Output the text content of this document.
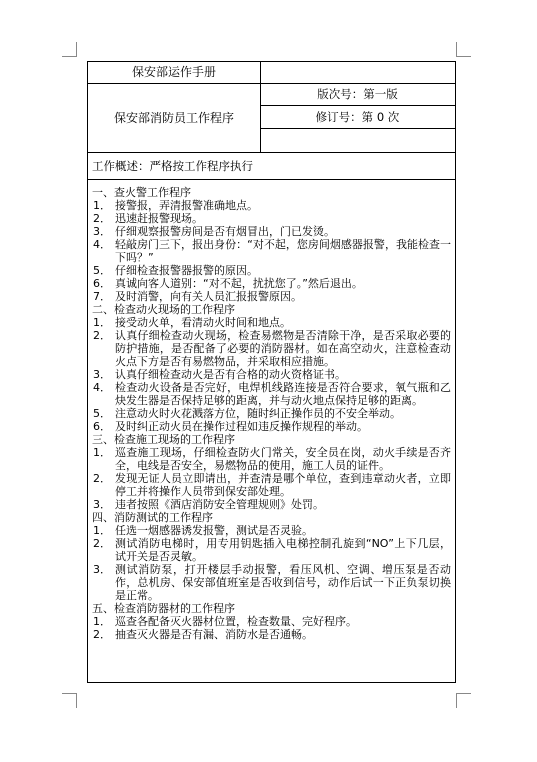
保安部运作手册
保安部消防员工作程序
版次号：第一版
修订号：第 0 次
工作概述：严格按工作程序执行
一、查火警工作程序
1． 接警报，弄清报警准确地点。
2． 迅速赶报警现场。
3． 仔细观察报警房间是否有烟冒出，门已发烫。
4． 轻敲房门三下，报出身份：“对不起，您房间烟感器报警，我能检查一下吗？”
5． 仔细检查报警器报警的原因。
6． 真诚向客人道别：“对不起，扰扰您了。”然后退出。
7． 及时消警，向有关人员汇报报警原因。
二、检查动火现场的工作程序
1． 接受动火单，看清动火时间和地点。
2． 认真仔细检查动火现场，检查易燃物是否清除干净，是否采取必要的防护措施，是否配备了必要的消防器材。如在高空动火，注意检查动火点下方是否有易燃物品，并采取相应措施。
3． 认真仔细检查动火是否有合格的动火资格证书。
4． 检查动火设备是否完好，电焊机线路连接是否符合要求，氧气瓶和乙炔发生器是否保持足够的距离，并与动火地点保持足够的距离。
5． 注意动火时火花溅落方位，随时纠正操作员的不安全举动。
6． 及时纠正动火员在操作过程如违反操作规程的举动。
三、检查施工现场的工作程序
1． 巡查施工现场，仔细检查防火门常关，安全员在岗，动火手续是否齐全，电线是否安全，易燃物品的使用，施工人员的证件。
2． 发现无证人员立即请出，并查清是哪个单位，查到违章动火者，立即停工并将操作人员带到保安部处理。
3． 违者按照《酒店消防安全管理规则》处罚。
四、消防测试的工作程序
1． 任选一烟感器诱发报警，测试是否灵验。
2． 测试消防电梯时，用专用钥匙插入电梯控制孔旋到“NO”上下几层，试开关是否灵敏。
3． 测试消防泵，打开楼层手动报警，看压风机、空调、增压泵是否动作，总机房、保安部值班室是否收到信号，动作后试一下正负泵切换是正常。
五、检查消防器材的工作程序
1． 巡查各配备灭火器材位置，检查数量、完好程序。
2． 抽查灭火器是否有漏、消防水是否通畅。
